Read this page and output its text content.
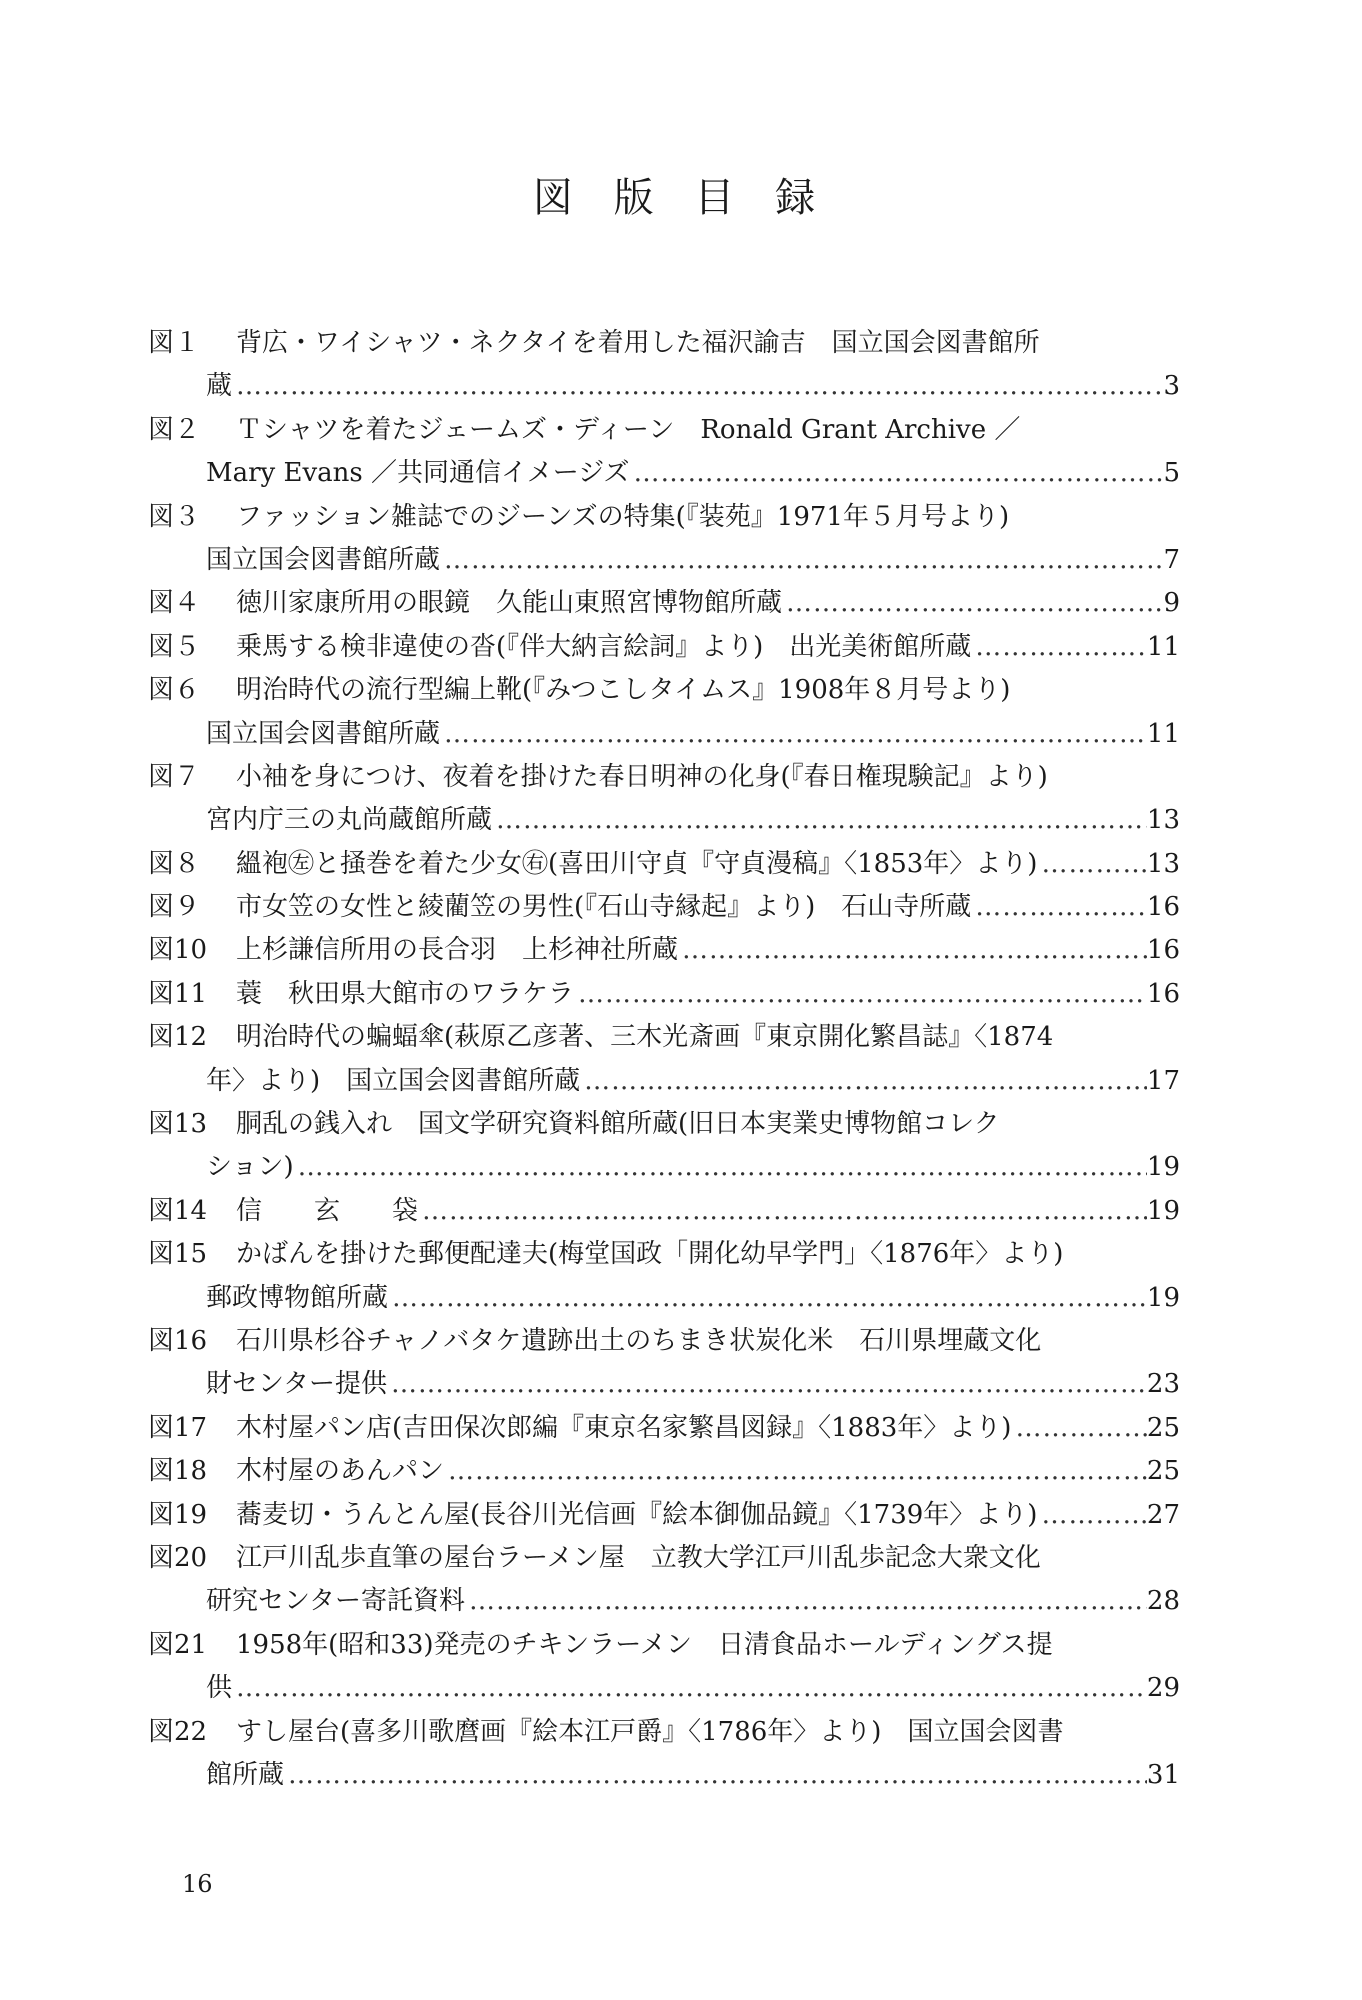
図 版 目 録
図１	背広・ワイシャツ・ネクタイを着用した福沢諭吉　国立国会図書館所
蔵 ……………………………………………………………………………………………………………………………………………………	3
図２	Ｔシャツを着たジェームズ・ディーン　Ronald Grant Archive ／
Mary Evans ／共同通信イメージズ ……………………………………………………………………………………………………………………………………………………	5
図３	ファッション雑誌でのジーンズの特集(『装苑』1971年５月号より)
国立国会図書館所蔵 ……………………………………………………………………………………………………………………………………………………	7
図４	徳川家康所用の眼鏡　久能山東照宮博物館所蔵 ……………………………………………………………………………………………………………………………………………………	9
図５	乗馬する検非違使の沓(『伴大納言絵詞』より)　出光美術館所蔵 ……………………………………………………………………………………………………………………………………………………	11
図６	明治時代の流行型編上靴(『みつこしタイムス』1908年８月号より)
国立国会図書館所蔵 ……………………………………………………………………………………………………………………………………………………	11
図７	小袖を身につけ、夜着を掛けた春日明神の化身(『春日権現験記』より)
宮内庁三の丸尚蔵館所蔵 ……………………………………………………………………………………………………………………………………………………	13
図８	縕袍㊧と掻巻を着た少女㊨(喜田川守貞『守貞漫稿』〈1853年〉より) ……………………………………………………………………………………………………………………………………………………	13
図９	市女笠の女性と綾藺笠の男性(『石山寺縁起』より)　石山寺所蔵 ……………………………………………………………………………………………………………………………………………………	16
図10	上杉謙信所用の長合羽　上杉神社所蔵 ……………………………………………………………………………………………………………………………………………………	16
図11	蓑　秋田県大館市のワラケラ ……………………………………………………………………………………………………………………………………………………	16
図12	明治時代の蝙蝠傘(萩原乙彦著、三木光斎画『東京開化繁昌誌』〈1874
年〉より)　国立国会図書館所蔵 ……………………………………………………………………………………………………………………………………………………	17
図13	胴乱の銭入れ　国文学研究資料館所蔵(旧日本実業史博物館コレク
ション) ……………………………………………………………………………………………………………………………………………………	19
図14	信　　玄　　袋 ……………………………………………………………………………………………………………………………………………………	19
図15	かばんを掛けた郵便配達夫(梅堂国政「開化幼早学門」〈1876年〉より)
郵政博物館所蔵 ……………………………………………………………………………………………………………………………………………………	19
図16	石川県杉谷チャノバタケ遺跡出土のちまき状炭化米　石川県埋蔵文化
財センター提供 ……………………………………………………………………………………………………………………………………………………	23
図17	木村屋パン店(吉田保次郎編『東京名家繁昌図録』〈1883年〉より) ……………………………………………………………………………………………………………………………………………………	25
図18	木村屋のあんパン ……………………………………………………………………………………………………………………………………………………	25
図19	蕎麦切・うんとん屋(長谷川光信画『絵本御伽品鏡』〈1739年〉より) ……………………………………………………………………………………………………………………………………………………	27
図20	江戸川乱歩直筆の屋台ラーメン屋　立教大学江戸川乱歩記念大衆文化
研究センター寄託資料 ……………………………………………………………………………………………………………………………………………………	28
図21	1958年(昭和33)発売のチキンラーメン　日清食品ホールディングス提
供 ……………………………………………………………………………………………………………………………………………………	29
図22	すし屋台(喜多川歌麿画『絵本江戸爵』〈1786年〉より)　国立国会図書
館所蔵 ……………………………………………………………………………………………………………………………………………………	31
16
